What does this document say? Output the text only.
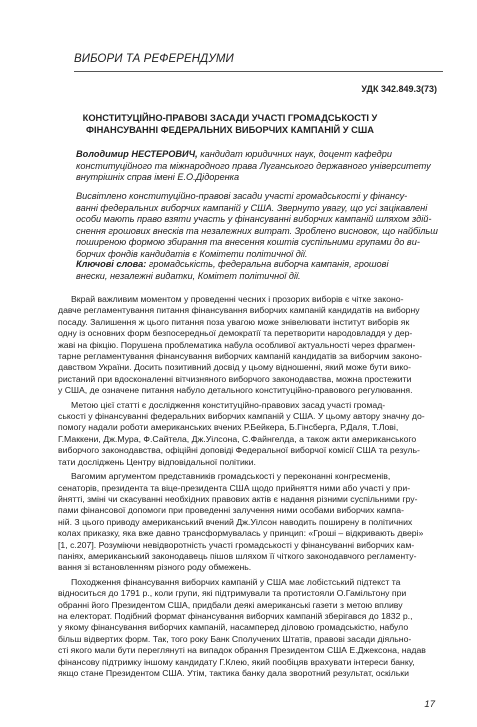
ВИБОРИ ТА РЕФЕРЕНДУМИ
УДК 342.849.3(73)
КОНСТИТУЦІЙНО-ПРАВОВІ ЗАСАДИ УЧАСТІ ГРОМАДСЬКОСТІ У
ФІНАНСУВАННІ ФЕДЕРАЛЬНИХ ВИБОРЧИХ КАМПАНІЙ У США
Володимир НЕСТЕРОВИЧ, кандидат юридичних наук, доцент кафедри
конституційного та міжнародного права Луганського державного університету
внутрішніх справ імені Е.О.Дідоренка
Висвітлено конституційно-правові засади участі громадськості у фінансу-
ванні федеральних виборчих кампаній у США. Звернуто увагу, що усі зацікавлені
особи мають право взяти участь у фінансуванні виборчих кампаній шляхом здій-
снення грошових внесків та незалежних витрат. Зроблено висновок, що найбільш
поширеною формою збирання та внесення коштів суспільними групами до ви-
борчих фондів кандидатів є Комітети політичної дії.
Ключові слова: громадськість, федеральна виборча кампанія, грошові
внески, незалежні видатки, Комітет політичної дії.
Вкрай важливим моментом у проведенні чесних і прозорих виборів є чітке законо-
давче регламентування питання фінансування виборчих кампаній кандидатів на виборну
посаду. Залишення ж цього питання поза увагою може знівелювати інститут виборів як
одну із основних форм безпосередньої демократії та перетворити народовладдя у дер-
жаві на фікцію. Порушена проблематика набула особливої актуальності через фрагмен-
тарне регламентування фінансування виборчих кампаній кандидатів за виборчим законо-
давством України. Досить позитивний досвід у цьому відношенні, який може бути вико-
ристаний при вдосконаленні вітчизняного виборчого законодавства, можна простежити
у США, де означене питання набуло детального конституційно-правового регулювання.
Метою цієї статті є дослідження конституційно-правових засад участі громад-
ськості у фінансуванні федеральних виборчих кампаній у США. У цьому автору значну до-
помогу надали роботи американських вчених Р.Бейкера, Б.Гінсберга, Р.Даля, Т.Лові,
Г.Маккени, Дж.Мура, Ф.Сайтела, Дж.Уілсона, С.Файнгелда, а також акти американського
виборчого законодавства, офіційні доповіді Федеральної виборчої комісії США та резуль-
тати досліджень Центру відповідальної політики.
Вагомим аргументом представників громадськості у переконанні конгресменів,
сенаторів, президента та віце-президента США щодо прийняття ними або участі у при-
йнятті, зміні чи скасуванні необхідних правових актів є надання різними суспільними гру-
пами фінансової допомоги при проведенні залучення ними особами виборчих кампа-
ній. З цього приводу американський вчений Дж.Уілсон наводить поширену в політичних
колах приказку, яка вже давно трансформувалась у принцип: «Гроші – відкривають двері»
[1, с.207]. Розуміючи невідворотність участі громадськості у фінансуванні виборчих кам-
паніях, американський законодавець пішов шляхом її чіткого законодавчого регламенту-
вання зі встановленням різного роду обмежень.
Походження фінансування виборчих кампаній у США має лобістський підтекст та
відноситься до 1791 р., коли групи, які підтримували та протистояли О.Гамільтону при
обранні його Президентом США, придбали деякі американські газети з метою впливу
на електорат. Подібний формат фінансування виборчих кампаній зберігався до 1832 р.,
у якому фінансування виборчих кампаній, насамперед діловою громадськістю, набуло
більш відвертих форм. Так, того року Банк Сполучених Штатів, правові засади діяльно-
сті якого мали бути переглянуті на випадок обрання Президентом США Е.Джексона, надав
фінансову підтримку іншому кандидату Г.Клею, який пообіцяв врахувати інтереси банку,
якщо стане Президентом США. Утім, тактика банку дала зворотний результат, оскільки
17
